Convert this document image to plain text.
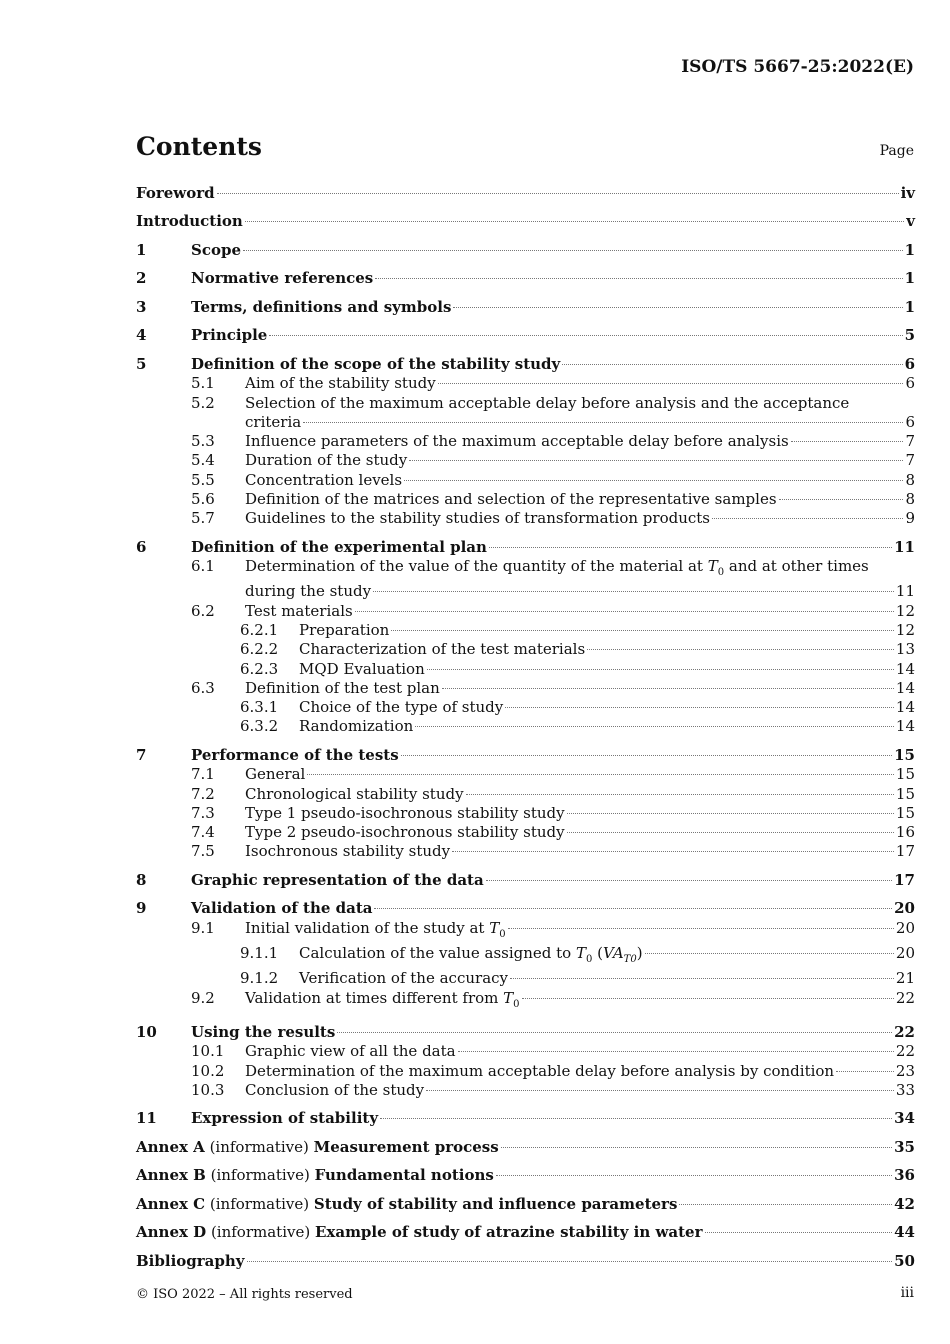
ISO/TS 5667-25:2022(E)
Contents	Page
Foreword	iv
Introduction	v
1	Scope	1
2	Normative references	1
3	Terms, definitions and symbols	1
4	Principle	5
5	Definition of the scope of the stability study	6
5.1 Aim of the stability study	6
5.2	Selection of the maximum acceptable delay before analysis and the acceptance
criteria	6
5.3 Influence parameters of the maximum acceptable delay before analysis	7
5.4 Duration of the study	7
5.5 Concentration levels	8
5.6 Definition of the matrices and selection of the representative samples	8
5.7 Guidelines to the stability studies of transformation products	9
6	Definition of the experimental plan	11
6.1	Determination of the value of the quantity of the material at $T_0$ and at other times
during the study	11
6.2 Test materials	12
6.2.1 Preparation	12
6.2.2 Characterization of the test materials	13
6.2.3 MQD Evaluation	14
6.3 Definition of the test plan	14
6.3.1 Choice of the type of study	14
6.3.2 Randomization	14
7	Performance of the tests	15
7.1 General	15
7.2 Chronological stability study	15
7.3 Type 1 pseudo-isochronous stability study	15
7.4 Type 2 pseudo-isochronous stability study	16
7.5 Isochronous stability study	17
8	Graphic representation of the data	17
9	Validation of the data	20
9.1 Initial validation of the study at $T_0$	20
9.1.1 Calculation of the value assigned to $T_0$ $(VA_{T0})$	20
9.1.2 Verification of the accuracy	21
9.2 Validation at times different from $T_0$	22
10 Using the results	22
10.1 Graphic view of all the data	22
10.2 Determination of the maximum acceptable delay before analysis by condition	23
10.3 Conclusion of the study	33
11 Expression of stability	34
Annex A (informative) Measurement process	35
Annex B (informative) Fundamental notions	36
Annex C (informative) Study of stability and influence parameters	42
Annex D (informative) Example of study of atrazine stability in water	44
Bibliography	50
© ISO 2022 – All rights reserved	iii
